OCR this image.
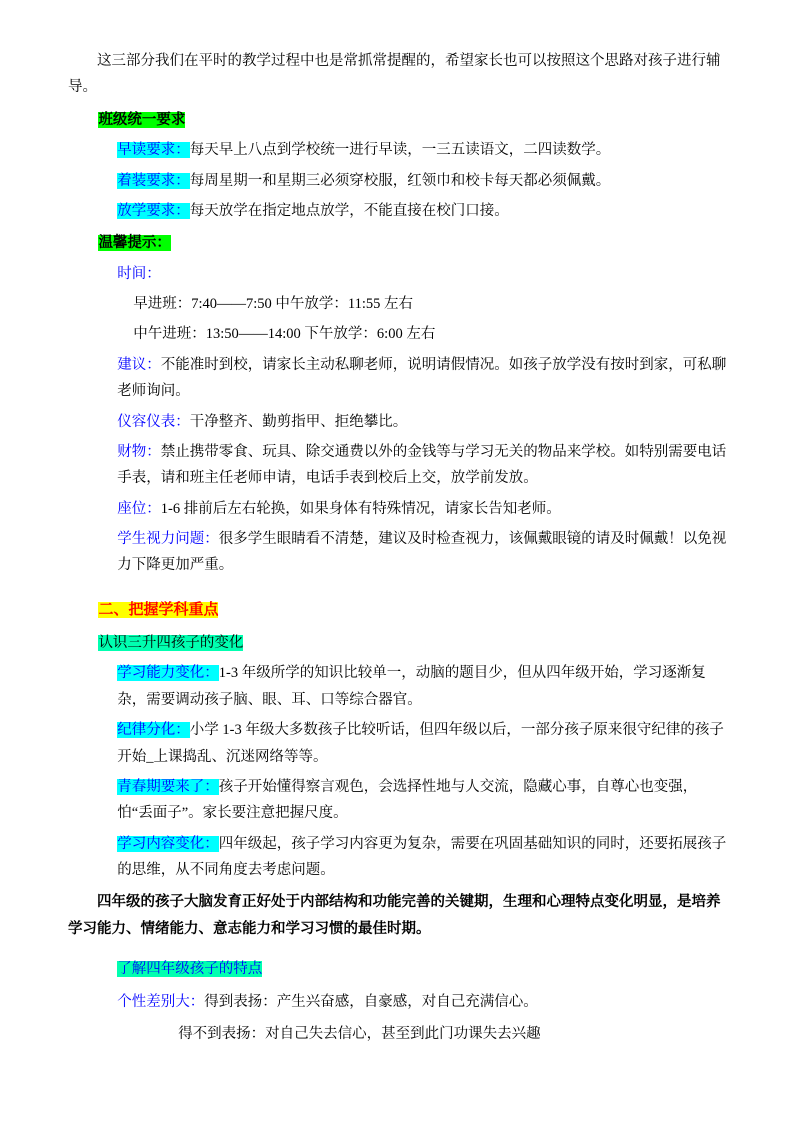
这三部分我们在平时的教学过程中也是常抓常提醒的，希望家长也可以按照这个思路对孩子进行辅导。

班级统一要求

早读要求：每天早上八点到学校统一进行早读，一三五读语文，二四读数学。

着装要求：每周星期一和星期三必须穿校服，红领巾和校卡每天都必须佩戴。

放学要求：每天放学在指定地点放学，不能直接在校门口接。

温馨提示：

时间：

早进班：7:40——7:50 中午放学：11:55 左右

中午进班：13:50——14:00 下午放学：6:00 左右

建议：不能准时到校，请家长主动私聊老师，说明请假情况。如孩子放学没有按时到家，可私聊老师询问。

仪容仪表：干净整齐、勤剪指甲、拒绝攀比。

财物：禁止携带零食、玩具、除交通费以外的金钱等与学习无关的物品来学校。如特别需要电话手表，请和班主任老师申请，电话手表到校后上交，放学前发放。

座位：1-6 排前后左右轮换，如果身体有特殊情况，请家长告知老师。

学生视力问题：很多学生眼睛看不清楚，建议及时检查视力，该佩戴眼镜的请及时佩戴！以免视力下降更加严重。

二、把握学科重点

认识三升四孩子的变化

学习能力变化：1-3 年级所学的知识比较单一，动脑的题目少，但从四年级开始，学习逐渐复杂，需要调动孩子脑、眼、耳、口等综合器官。

纪律分化：小学 1-3 年级大多数孩子比较听话，但四年级以后，一部分孩子原来很守纪律的孩子开始_上课捣乱、沉迷网络等等。

青春期要来了：孩子开始懂得察言观色，会选择性地与人交流，隐藏心事，自尊心也变强，怕“丢面子”。家长要注意把握尺度。

学习内容变化：四年级起，孩子学习内容更为复杂，需要在巩固基础知识的同时，还要拓展孩子的思维，从不同角度去考虑问题。

四年级的孩子大脑发育正好处于内部结构和功能完善的关键期，生理和心理特点变化明显，是培养学习能力、情绪能力、意志能力和学习习惯的最佳时期。

了解四年级孩子的特点

个性差别大：得到表扬：产生兴奋感，自豪感，对自己充满信心。

得不到表扬：对自己失去信心，甚至到此门功课失去兴趣
